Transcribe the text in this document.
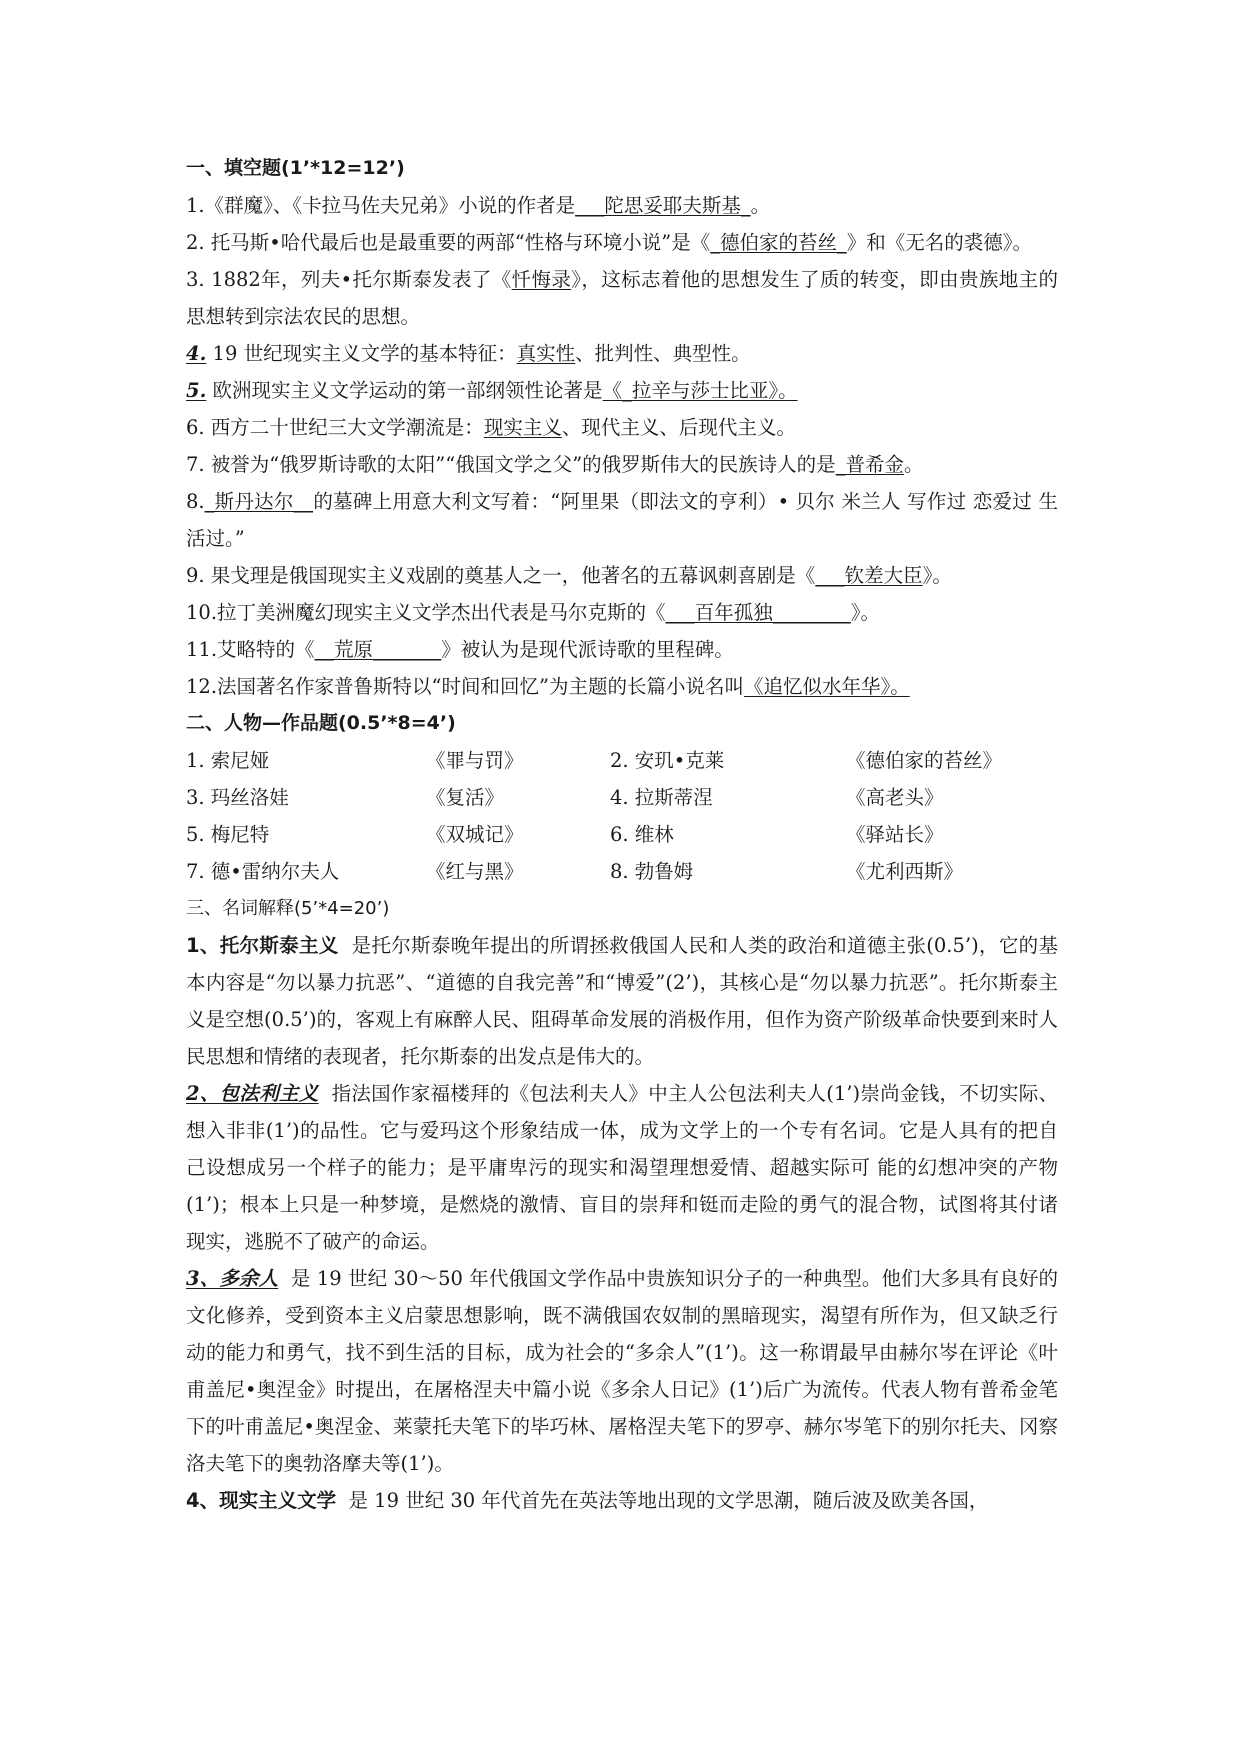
一、填空题(1’*12=12’)
1.《群魔》、《卡拉马佐夫兄弟》小说的作者是___陀思妥耶夫斯基_。
2. 托马斯•哈代最后也是最重要的两部“性格与环境小说”是《_德伯家的苔丝_》和《无名的裘德》。
3. 1882年，列夫•托尔斯泰发表了《忏悔录》，这标志着他的思想发生了质的转变，即由贵族地主的思想转到宗法农民的思想。
4. 19 世纪现实主义文学的基本特征：真实性、批判性、典型性。
5. 欧洲现实主义文学运动的第一部纲领性论著是《_拉辛与莎士比亚》。
6. 西方二十世纪三大文学潮流是：现实主义、现代主义、后现代主义。
7. 被誉为“俄罗斯诗歌的太阳”“俄国文学之父”的俄罗斯伟大的民族诗人的是_普希金。
8._斯丹达尔__的墓碑上用意大利文写着：“阿里果（即法文的亨利）• 贝尔 米兰人 写作过 恋爱过 生活过。”
9. 果戈理是俄国现实主义戏剧的奠基人之一，他著名的五幕讽刺喜剧是《___钦差大臣》。
10.拉丁美洲魔幻现实主义文学杰出代表是马尔克斯的《___百年孤独________》。
11.艾略特的《__荒原_______》被认为是现代派诗歌的里程碑。
12.法国著名作家普鲁斯特以“时间和回忆”为主题的长篇小说名叫《追忆似水年华》。
二、人物—作品题(0.5’*8=4’)
1. 索尼娅	《罪与罚》	2. 安玑•克莱	《德伯家的苔丝》
3. 玛丝洛娃	《复活》	4. 拉斯蒂涅	《高老头》
5. 梅尼特	《双城记》	6. 维林	《驿站长》
7. 德•雷纳尔夫人	《红与黑》	8. 勃鲁姆	《尤利西斯》
三、名词解释(5’*4=20’)
1、托尔斯泰主义 是托尔斯泰晚年提出的所谓拯救俄国人民和人类的政治和道德主张(0.5’)，它的基本内容是“勿以暴力抗恶”、“道德的自我完善”和“博爱”(2’)，其核心是“勿以暴力抗恶”。托尔斯泰主义是空想(0.5’)的，客观上有麻醉人民、阻碍革命发展的消极作用，但作为资产阶级革命快要到来时人民思想和情绪的表现者，托尔斯泰的出发点是伟大的。
2、包法利主义 指法国作家福楼拜的《包法利夫人》中主人公包法利夫人(1’)崇尚金钱，不切实际、想入非非(1’)的品性。它与爱玛这个形象结成一体，成为文学上的一个专有名词。它是人具有的把自己设想成另一个样子的能力；是平庸卑污的现实和渴望理想爱情、超越实际可 能的幻想冲突的产物(1’)；根本上只是一种梦境，是燃烧的激情、盲目的崇拜和铤而走险的勇气的混合物，试图将其付诸现实，逃脱不了破产的命运。
3、多余人 是 19 世纪 30～50 年代俄国文学作品中贵族知识分子的一种典型。他们大多具有良好的文化修养，受到资本主义启蒙思想影响，既不满俄国农奴制的黑暗现实，渴望有所作为，但又缺乏行动的能力和勇气，找不到生活的目标，成为社会的“多余人”(1’)。这一称谓最早由赫尔岑在评论《叶甫盖尼•奥涅金》时提出，在屠格涅夫中篇小说《多余人日记》(1’)后广为流传。代表人物有普希金笔下的叶甫盖尼•奥涅金、莱蒙托夫笔下的毕巧林、屠格涅夫笔下的罗亭、赫尔岑笔下的别尔托夫、冈察洛夫笔下的奥勃洛摩夫等(1’)。
4、现实主义文学 是 19 世纪 30 年代首先在英法等地出现的文学思潮，随后波及欧美各国，
